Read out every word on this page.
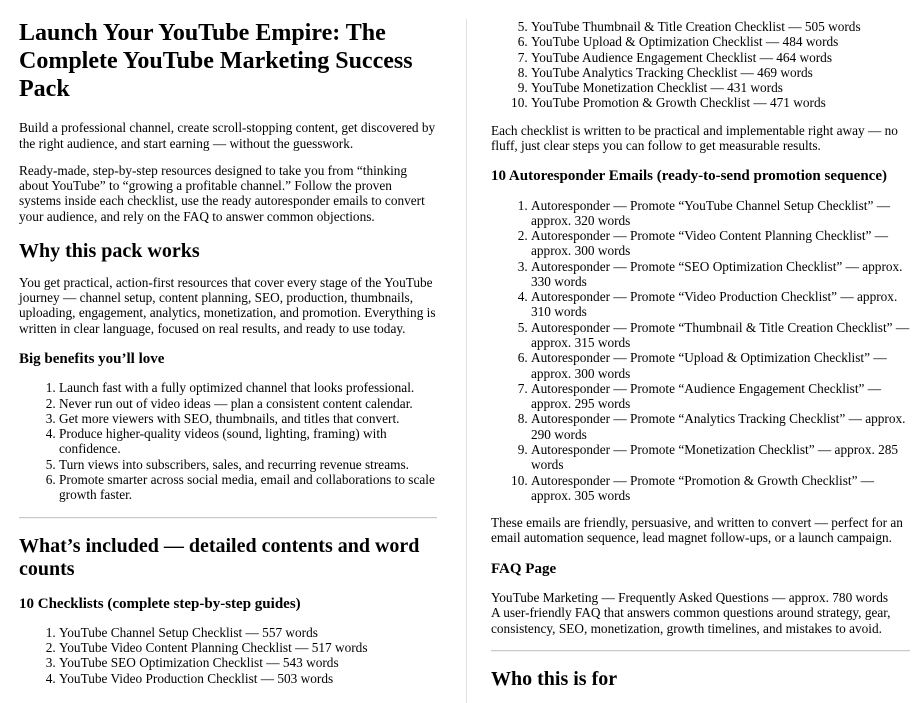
Launch Your YouTube Empire: The Complete YouTube Marketing Success Pack

Build a professional channel, create scroll-stopping content, get discovered by the right audience, and start earning — without the guesswork.

Ready-made, step-by-step resources designed to take you from “thinking about YouTube” to “growing a profitable channel.” Follow the proven systems inside each checklist, use the ready autoresponder emails to convert your audience, and rely on the FAQ to answer common objections.

Why this pack works

You get practical, action-first resources that cover every stage of the YouTube journey — channel setup, content planning, SEO, production, thumbnails, uploading, engagement, analytics, monetization, and promotion. Everything is written in clear language, focused on real results, and ready to use today.

Big benefits you’ll love
1. Launch fast with a fully optimized channel that looks professional.
2. Never run out of video ideas — plan a consistent content calendar.
3. Get more viewers with SEO, thumbnails, and titles that convert.
4. Produce higher-quality videos (sound, lighting, framing) with confidence.
5. Turn views into subscribers, sales, and recurring revenue streams.
6. Promote smarter across social media, email and collaborations to scale growth faster.
What’s included — detailed contents and word counts
10 Checklists (complete step-by-step guides)
1. YouTube Channel Setup Checklist — 557 words
2. YouTube Video Content Planning Checklist — 517 words
3. YouTube SEO Optimization Checklist — 543 words
4. YouTube Video Production Checklist — 503 words
5. YouTube Thumbnail & Title Creation Checklist — 505 words
6. YouTube Upload & Optimization Checklist — 484 words
7. YouTube Audience Engagement Checklist — 464 words
8. YouTube Analytics Tracking Checklist — 469 words
9. YouTube Monetization Checklist — 431 words
10. YouTube Promotion & Growth Checklist — 471 words

Each checklist is written to be practical and implementable right away — no fluff, just clear steps you can follow to get measurable results.

10 Autoresponder Emails (ready-to-send promotion sequence)
1. Autoresponder — Promote “YouTube Channel Setup Checklist” — approx. 320 words
2. Autoresponder — Promote “Video Content Planning Checklist” — approx. 300 words
3. Autoresponder — Promote “SEO Optimization Checklist” — approx. 330 words
4. Autoresponder — Promote “Video Production Checklist” — approx. 310 words
5. Autoresponder — Promote “Thumbnail & Title Creation Checklist” — approx. 315 words
6. Autoresponder — Promote “Upload & Optimization Checklist” — approx. 300 words
7. Autoresponder — Promote “Audience Engagement Checklist” — approx. 295 words
8. Autoresponder — Promote “Analytics Tracking Checklist” — approx. 290 words
9. Autoresponder — Promote “Monetization Checklist” — approx. 285 words
10. Autoresponder — Promote “Promotion & Growth Checklist” — approx. 305 words

These emails are friendly, persuasive, and written to convert — perfect for an email automation sequence, lead magnet follow-ups, or a launch campaign.

FAQ Page

YouTube Marketing — Frequently Asked Questions — approx. 780 words
A user-friendly FAQ that answers common questions around strategy, gear, consistency, SEO, monetization, growth timelines, and mistakes to avoid.

Who this is for
